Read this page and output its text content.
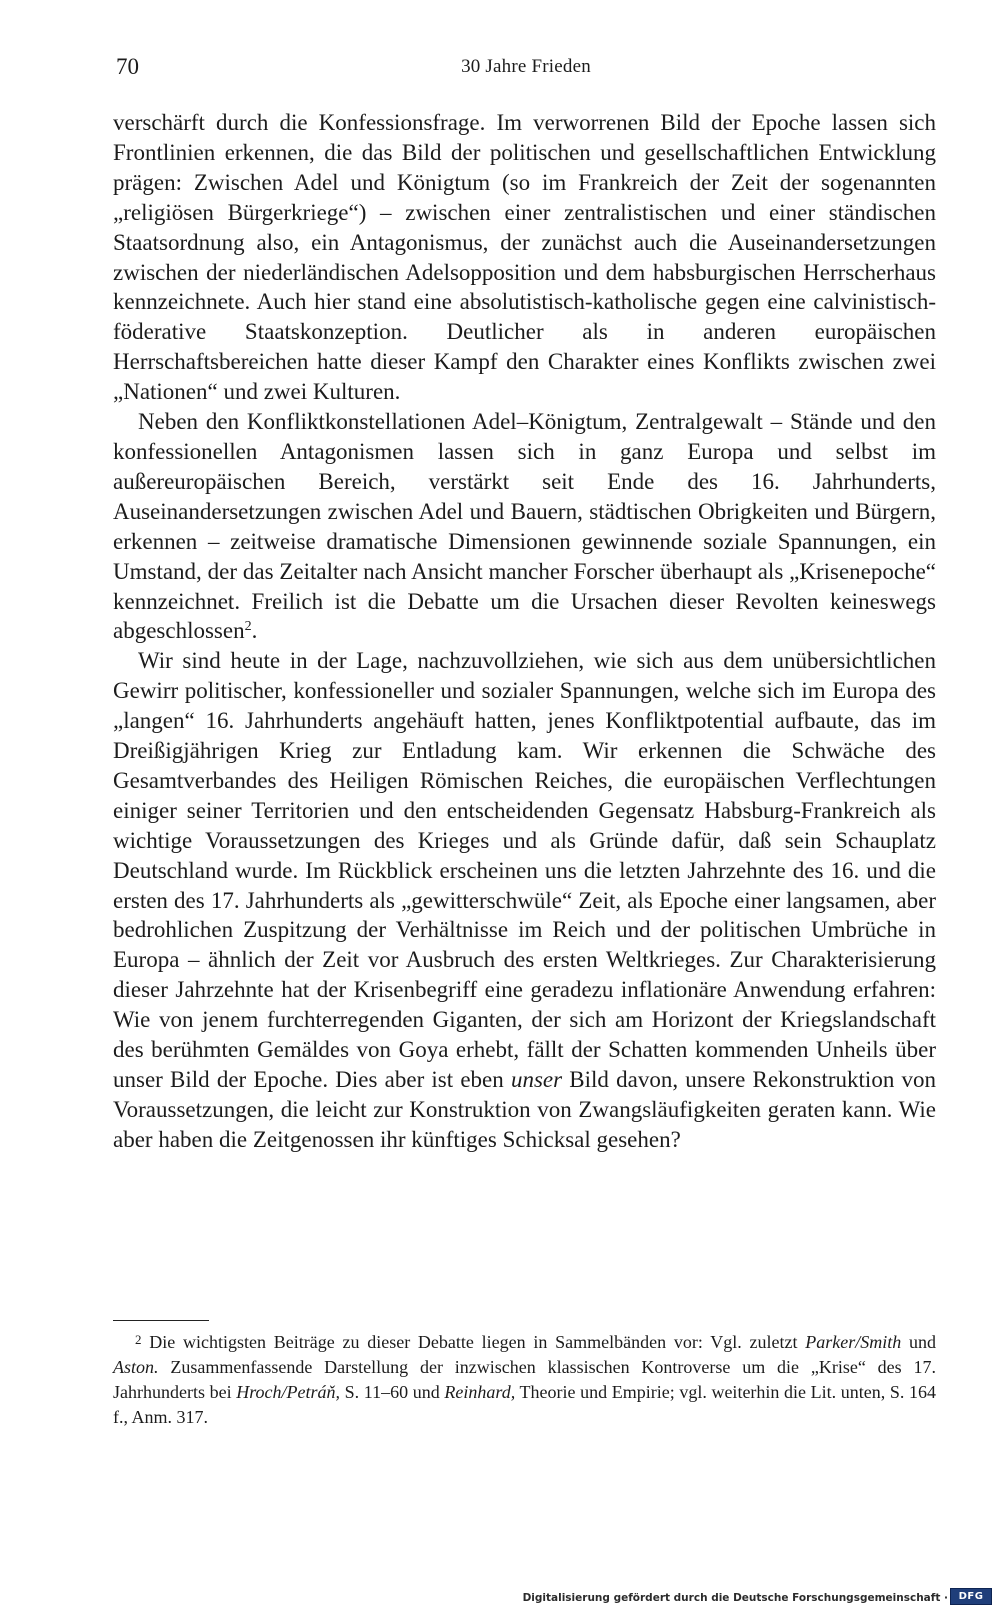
70	30 Jahre Frieden

verschärft durch die Konfessionsfrage. Im verworrenen Bild der Epoche lassen sich Frontlinien erkennen, die das Bild der politischen und gesellschaftlichen Entwicklung prägen: Zwischen Adel und Königtum (so im Frankreich der Zeit der sogenannten „religiösen Bürgerkriege“) – zwischen einer zentralistischen und einer ständischen Staatsordnung also, ein Antagonismus, der zunächst auch die Auseinandersetzungen zwischen der niederländischen Adelsopposition und dem habsburgischen Herrscherhaus kennzeichnete. Auch hier stand eine absolutistisch-katholische gegen eine calvinistisch-föderative Staatskonzeption. Deutlicher als in anderen europäischen Herrschaftsbereichen hatte dieser Kampf den Charakter eines Konflikts zwischen zwei „Nationen“ und zwei Kulturen.

Neben den Konfliktkonstellationen Adel–Königtum, Zentralgewalt – Stände und den konfessionellen Antagonismen lassen sich in ganz Europa und selbst im außereuropäischen Bereich, verstärkt seit Ende des 16. Jahrhunderts, Auseinandersetzungen zwischen Adel und Bauern, städtischen Obrigkeiten und Bürgern, erkennen – zeitweise dramatische Dimensionen gewinnende soziale Spannungen, ein Umstand, der das Zeitalter nach Ansicht mancher Forscher überhaupt als „Krisenepoche“ kennzeichnet. Freilich ist die Debatte um die Ursachen dieser Revolten keineswegs abgeschlossen$^2$.

Wir sind heute in der Lage, nachzuvollziehen, wie sich aus dem unübersichtlichen Gewirr politischer, konfessioneller und sozialer Spannungen, welche sich im Europa des „langen“ 16. Jahrhunderts angehäuft hatten, jenes Konfliktpotential aufbaute, das im Dreißigjährigen Krieg zur Entladung kam. Wir erkennen die Schwäche des Gesamtverbandes des Heiligen Römischen Reiches, die europäischen Verflechtungen einiger seiner Territorien und den entscheidenden Gegensatz Habsburg-Frankreich als wichtige Voraussetzungen des Krieges und als Gründe dafür, daß sein Schauplatz Deutschland wurde. Im Rückblick erscheinen uns die letzten Jahrzehnte des 16. und die ersten des 17. Jahrhunderts als „gewitterschwüle“ Zeit, als Epoche einer langsamen, aber bedrohlichen Zuspitzung der Verhältnisse im Reich und der politischen Umbrüche in Europa – ähnlich der Zeit vor Ausbruch des ersten Weltkrieges. Zur Charakterisierung dieser Jahrzehnte hat der Krisenbegriff eine geradezu inflationäre Anwendung erfahren: Wie von jenem furchterregenden Giganten, der sich am Horizont der Kriegslandschaft des berühmten Gemäldes von Goya erhebt, fällt der Schatten kommenden Unheils über unser Bild der Epoche. Dies aber ist eben unser Bild davon, unsere Rekonstruktion von Voraussetzungen, die leicht zur Konstruktion von Zwangsläufigkeiten geraten kann. Wie aber haben die Zeitgenossen ihr künftiges Schicksal gesehen?

$^2$ Die wichtigsten Beiträge zu dieser Debatte liegen in Sammelbänden vor: Vgl. zuletzt Parker/Smith und Aston. Zusammenfassende Darstellung der inzwischen klassischen Kontroverse um die „Krise“ des 17. Jahrhunderts bei Hroch/Petráň, S. 11–60 und Reinhard, Theorie und Empirie; vgl. weiterhin die Lit. unten, S. 164 f., Anm. 317.

Digitalisierung gefördert durch die Deutsche Forschungsgemeinschaft ·	DFG
